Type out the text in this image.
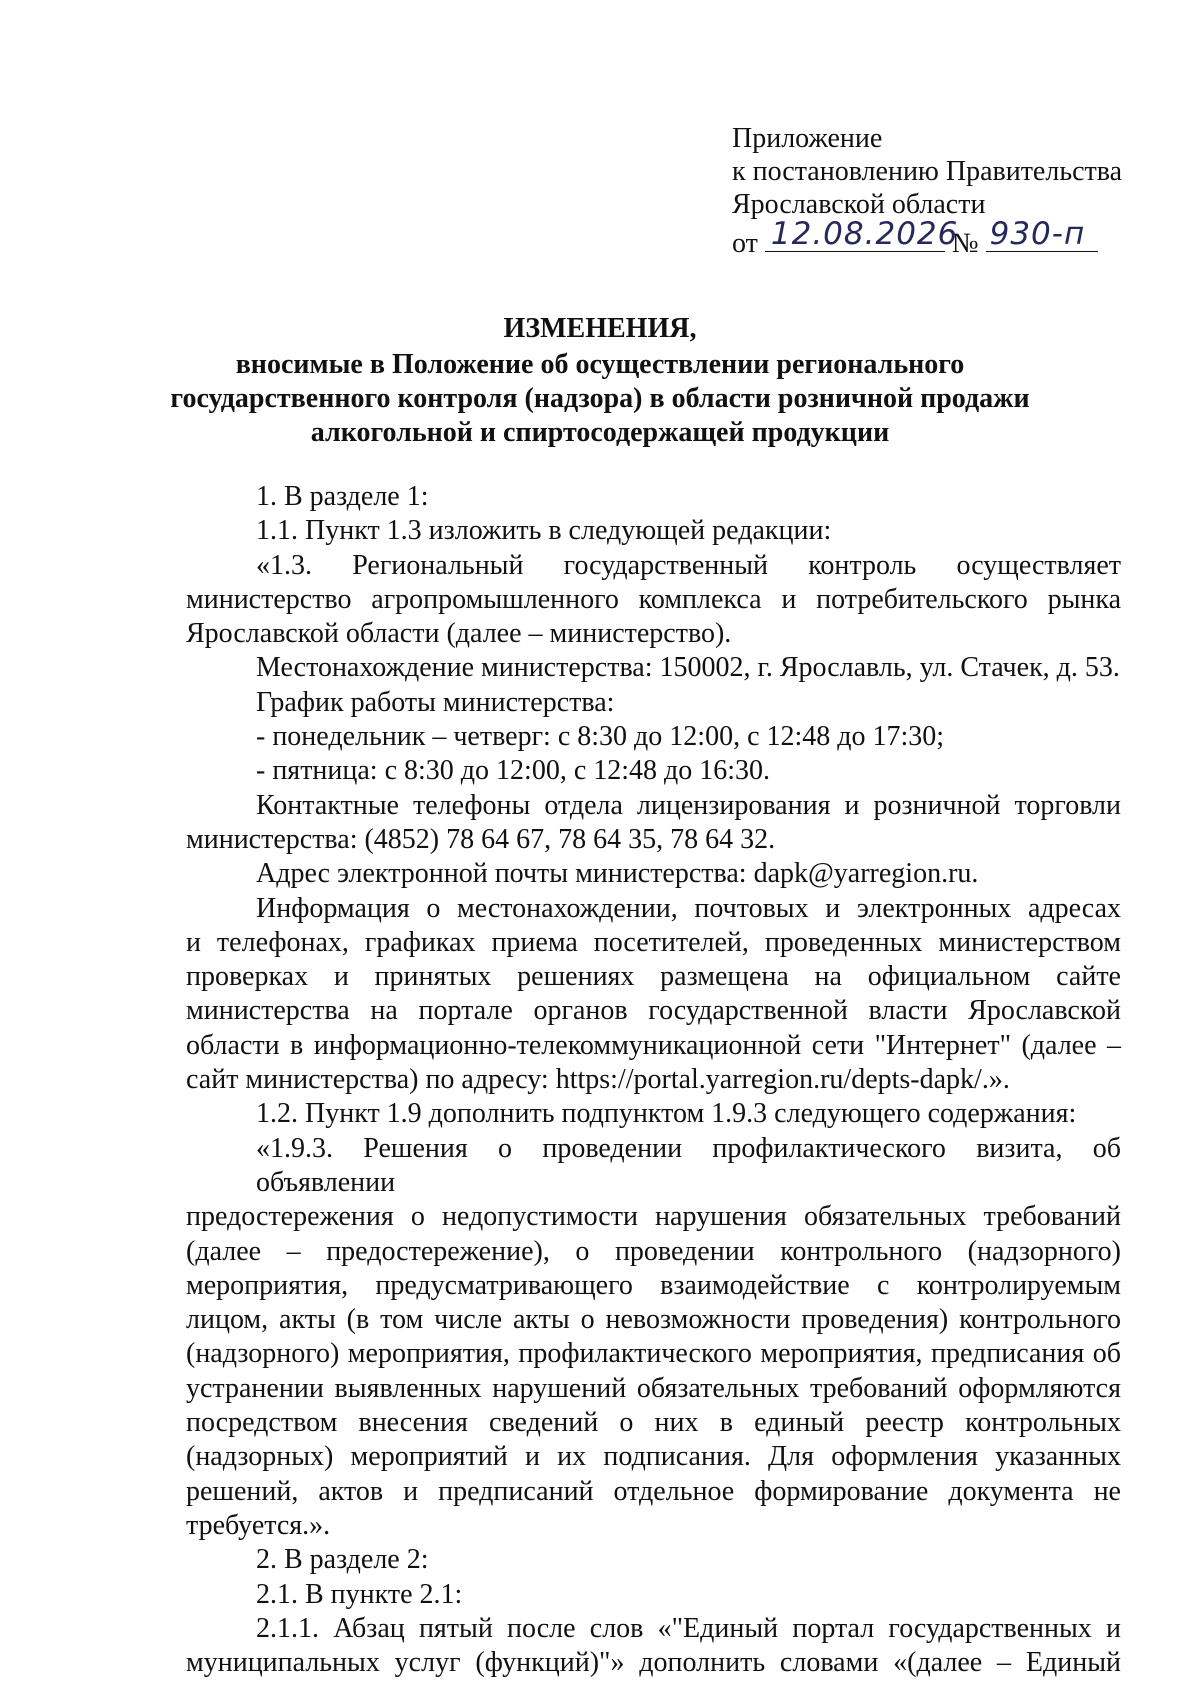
Приложение
к постановлению Правительства
Ярославской области
от 12.08.2026
№ 930-п
ИЗМЕНЕНИЯ,
вносимые в Положение об осуществлении регионального
государственного контроля (надзора) в области розничной продажи
алкогольной и спиртосодержащей продукции
1. В разделе 1:
1.1. Пункт 1.3 изложить в следующей редакции:
«1.3. Региональный государственный контроль осуществляет
министерство агропромышленного комплекса и потребительского рынка
Ярославской области (далее – министерство).
Местонахождение министерства: 150002, г. Ярославль, ул. Стачек, д. 53.
График работы министерства:
- понедельник – четверг: с 8:30 до 12:00, с 12:48 до 17:30;
- пятница: с 8:30 до 12:00, с 12:48 до 16:30.
Контактные телефоны отдела лицензирования и розничной торговли
министерства: (4852) 78 64 67, 78 64 35, 78 64 32.
Адрес электронной почты министерства: dapk@yarregion.ru.
Информация о местонахождении, почтовых и электронных адресах
и телефонах, графиках приема посетителей, проведенных министерством
проверках и принятых решениях размещена на официальном сайте
министерства на портале органов государственной власти Ярославской
области в информационно-телекоммуникационной сети "Интернет" (далее –
сайт министерства) по адресу: https://portal.yarregion.ru/depts-dapk/.».
1.2. Пункт 1.9 дополнить подпунктом 1.9.3 следующего содержания:
«1.9.3. Решения о проведении профилактического визита, об объявлении
предостережения о недопустимости нарушения обязательных требований
(далее – предостережение), о проведении контрольного (надзорного)
мероприятия, предусматривающего взаимодействие с контролируемым
лицом, акты (в том числе акты о невозможности проведения) контрольного
(надзорного) мероприятия, профилактического мероприятия, предписания об
устранении выявленных нарушений обязательных требований оформляются
посредством внесения сведений о них в единый реестр контрольных
(надзорных) мероприятий и их подписания. Для оформления указанных
решений, актов и предписаний отдельное формирование документа не
требуется.».
2. В разделе 2:
2.1. В пункте 2.1:
2.1.1. Абзац пятый после слов «"Единый портал государственных и
муниципальных услуг (функций)"» дополнить словами «(далее – Единый
